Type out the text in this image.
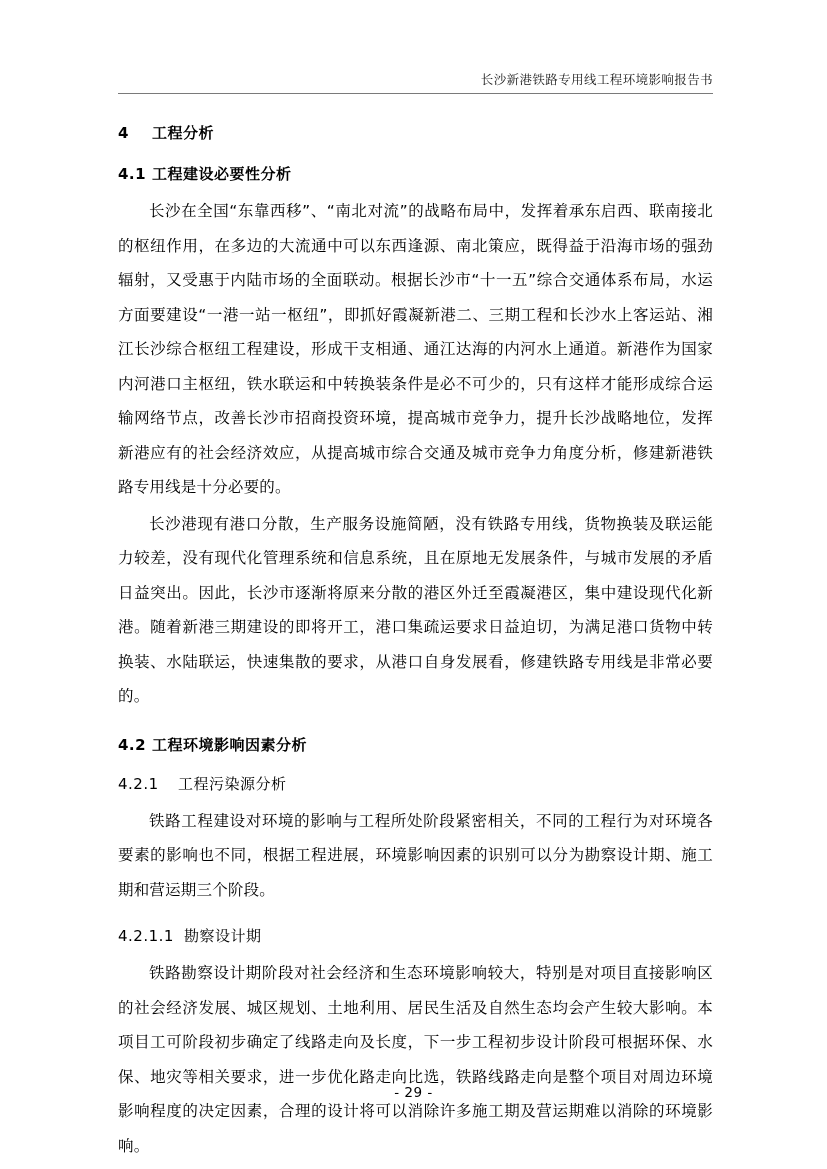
长沙新港铁路专用线工程环境影响报告书
4 工程分析
4.1 工程建设必要性分析

长沙在全国“东靠西移”、“南北对流”的战略布局中，发挥着承东启西、联南接北的枢纽作用，在多边的大流通中可以东西逢源、南北策应，既得益于沿海市场的强劲辐射，又受惠于内陆市场的全面联动。根据长沙市“十一五”综合交通体系布局，水运方面要建设“一港一站一枢纽”，即抓好霞凝新港二、三期工程和长沙水上客运站、湘江长沙综合枢纽工程建设，形成干支相通、通江达海的内河水上通道。新港作为国家内河港口主枢纽，铁水联运和中转换装条件是必不可少的，只有这样才能形成综合运输网络节点，改善长沙市招商投资环境，提高城市竞争力，提升长沙战略地位，发挥新港应有的社会经济效应，从提高城市综合交通及城市竞争力角度分析，修建新港铁路专用线是十分必要的。

长沙港现有港口分散，生产服务设施简陋，没有铁路专用线，货物换装及联运能力较差，没有现代化管理系统和信息系统，且在原地无发展条件，与城市发展的矛盾日益突出。因此，长沙市逐渐将原来分散的港区外迁至霞凝港区，集中建设现代化新港。随着新港三期建设的即将开工，港口集疏运要求日益迫切，为满足港口货物中转换装、水陆联运，快速集散的要求，从港口自身发展看，修建铁路专用线是非常必要的。

4.2 工程环境影响因素分析
4.2.1 工程污染源分析

铁路工程建设对环境的影响与工程所处阶段紧密相关，不同的工程行为对环境各要素的影响也不同，根据工程进展，环境影响因素的识别可以分为勘察设计期、施工期和营运期三个阶段。

4.2.1.1 勘察设计期

铁路勘察设计期阶段对社会经济和生态环境影响较大，特别是对项目直接影响区的社会经济发展、城区规划、土地利用、居民生活及自然生态均会产生较大影响。本项目工可阶段初步确定了线路走向及长度，下一步工程初步设计阶段可根据环保、水保、地灾等相关要求，进一步优化路走向比选，铁路线路走向是整个项目对周边环境影响程度的决定因素，合理的设计将可以消除许多施工期及营运期难以消除的环境影响。

- 29 -
